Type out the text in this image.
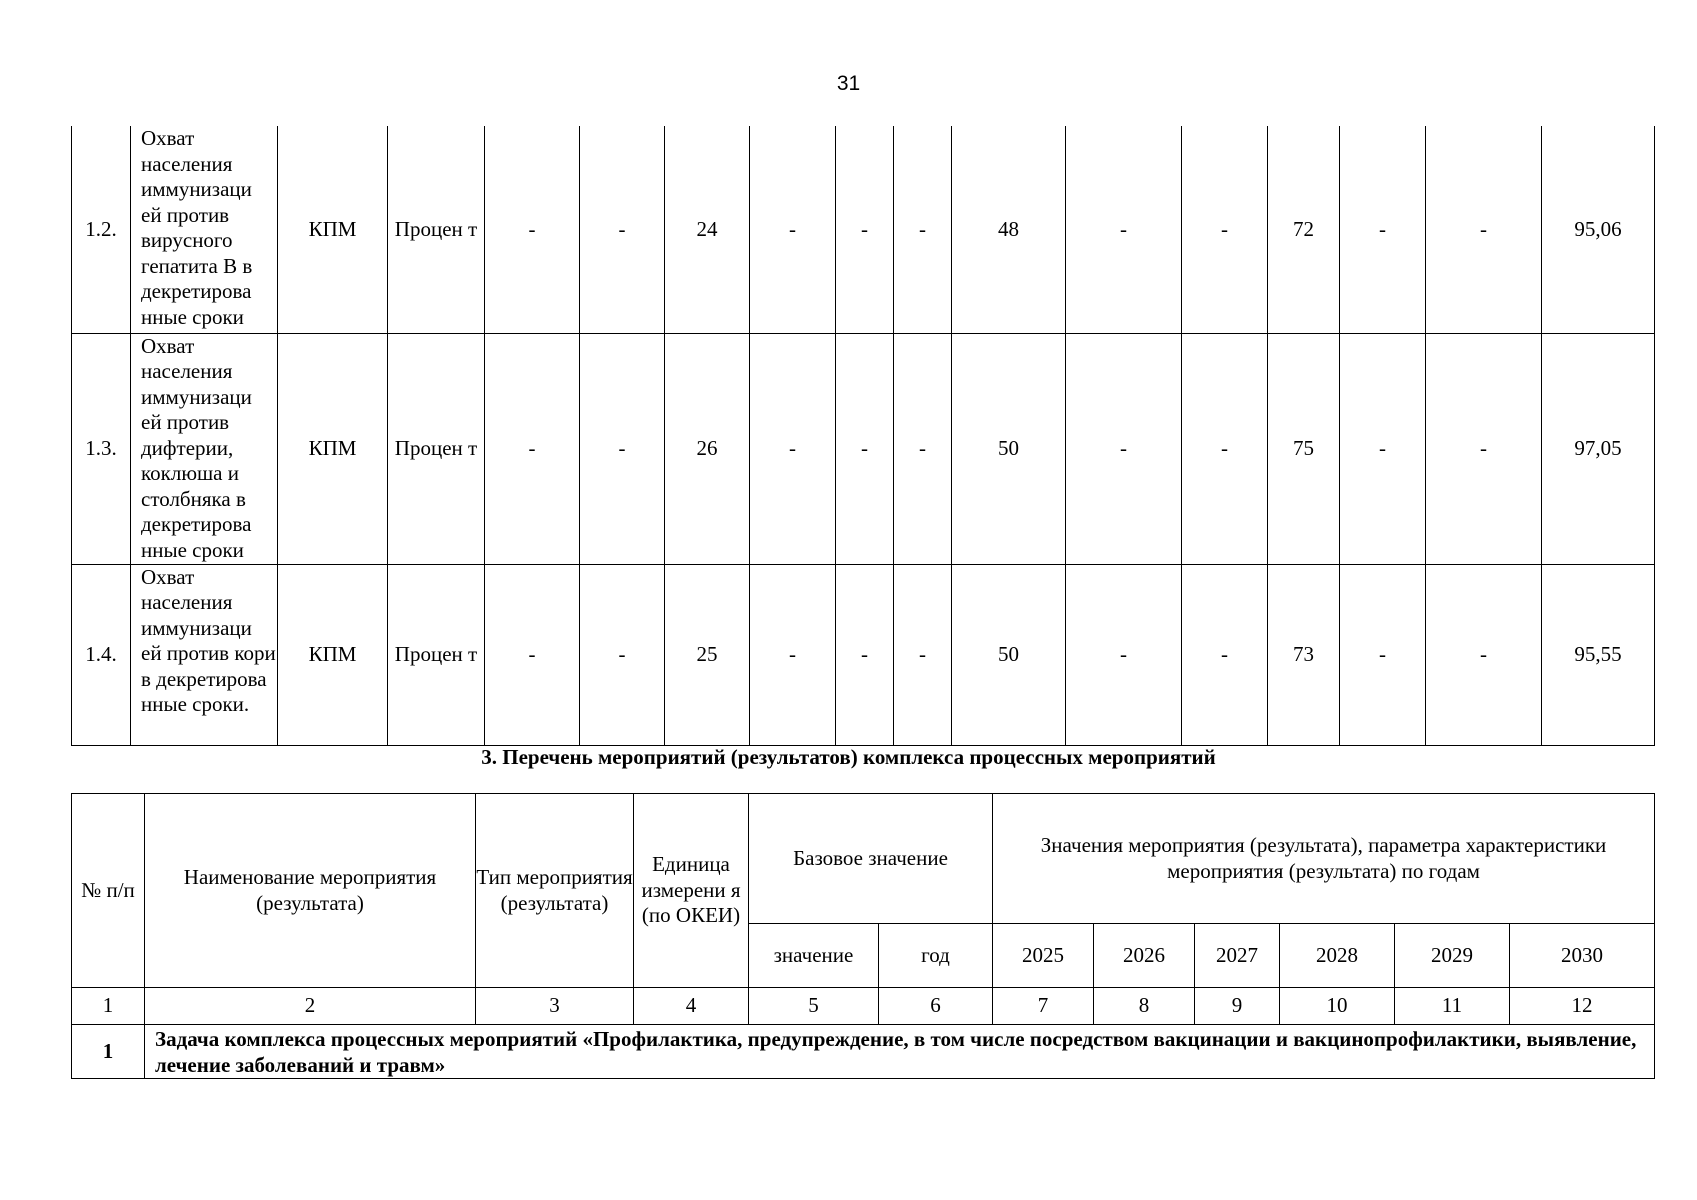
31
1.2.	Охват населения иммунизаци ей против вирусного гепатита В в декретирова нные сроки	КПМ	Процен т	-	-	24	-	-	-	48	-	-	72	-	-	95,06
1.3.	Охват населения иммунизаци ей против дифтерии, коклюша и столбняка в декретирова нные сроки	КПМ	Процен т	-	-	26	-	-	-	50	-	-	75	-	-	97,05
1.4.	Охват населения иммунизаци ей против кори в декретирова нные сроки.	КПМ	Процен т	-	-	25	-	-	-	50	-	-	73	-	-	95,55
3. Перечень мероприятий (результатов) комплекса процессных мероприятий
№ п/п	Наименование мероприятия (результата)	Тип мероприятия (результата)	Единица измерени я (по ОКЕИ)	Базовое значение		Значения мероприятия (результата), параметра характеристики мероприятия (результата) по годам					
				значение	год	2025	2026	2027	2028	2029	2030
1	2	3	4	5	6	7	8	9	10	11	12
1	Задача комплекса процессных мероприятий «Профилактика, предупреждение, в том числе посредством вакцинации и вакцинопрофилактики, выявление, лечение заболеваний и травм»										
